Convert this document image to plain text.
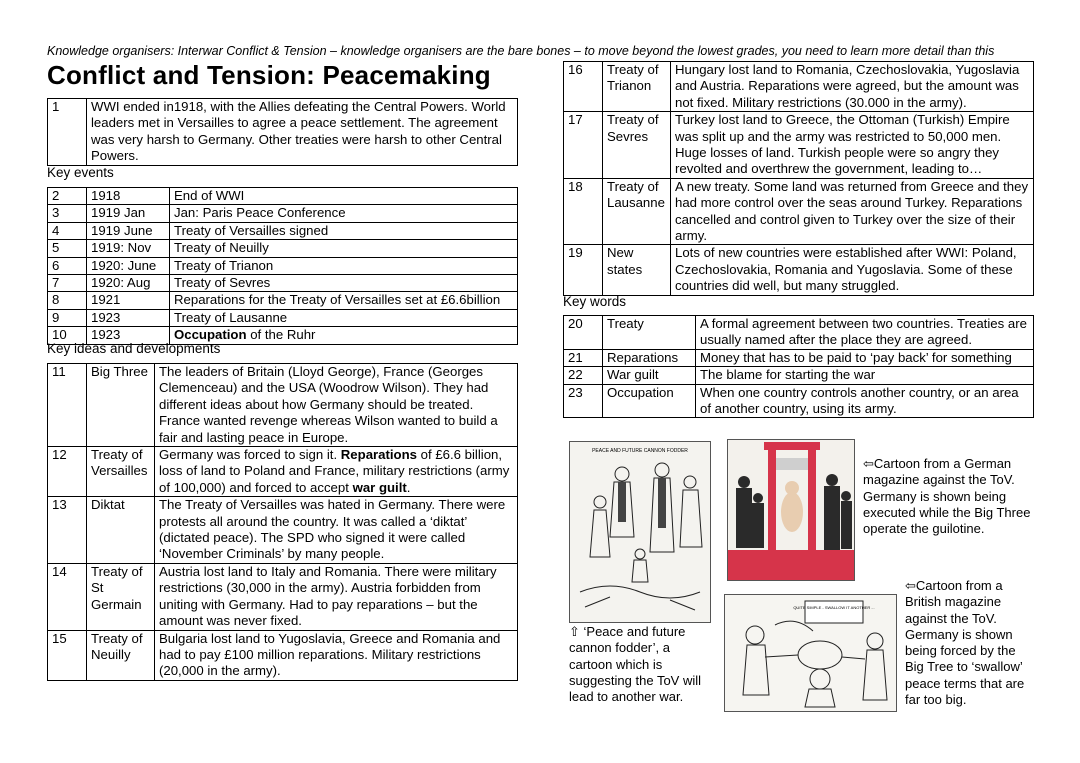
Knowledge organisers: Interwar Conflict & Tension – knowledge organisers are the bare bones – to move beyond the lowest grades, you need to learn more detail than this
Conflict and Tension: Peacemaking
1	WWI ended in1918, with the Allies defeating the Central Powers. World leaders met in Versailles to agree a peace settlement. The agreement was very harsh to Germany. Other treaties were harsh to other Central Powers.
Key events
2	1918	End of WWI
3	1919 Jan	Jan: Paris Peace Conference
4	1919 June	Treaty of Versailles signed
5	1919: Nov	Treaty of Neuilly
6	1920: June	Treaty of Trianon
7	1920: Aug	Treaty of Sevres
8	1921	Reparations for the Treaty of Versailles set at £6.6billion
9	1923	Treaty of Lausanne
10	1923	Occupation of the Ruhr
Key ideas and developments
11	Big Three	The leaders of Britain (Lloyd George), France (Georges Clemenceau) and the USA (Woodrow Wilson). They had different ideas about how Germany should be treated. France wanted revenge whereas Wilson wanted to build a fair and lasting peace in Europe.
12	Treaty of Versailles	Germany was forced to sign it. Reparations of £6.6 billion, loss of land to Poland and France, military restrictions (army of 100,000) and forced to accept war guilt.
13	Diktat	The Treaty of Versailles was hated in Germany. There were protests all around the country. It was called a ‘diktat’ (dictated peace). The SPD who signed it were called ‘November Criminals’ by many people.
14	Treaty of St Germain	Austria lost land to Italy and Romania. There were military restrictions (30,000 in the army). Austria forbidden from uniting with Germany. Had to pay reparations – but the amount was never fixed.
15	Treaty of Neuilly	Bulgaria lost land to Yugoslavia, Greece and Romania and had to pay £100 million reparations. Military restrictions (20,000 in the army).
16	Treaty of Trianon	Hungary lost land to Romania, Czechoslovakia, Yugoslavia and Austria. Reparations were agreed, but the amount was not fixed. Military restrictions (30.000 in the army).
17	Treaty of Sevres	Turkey lost land to Greece, the Ottoman (Turkish) Empire was split up and the army was restricted to 50,000 men. Huge losses of land. Turkish people were so angry they revolted and overthrew the government, leading to…
18	Treaty of Lausanne	A new treaty. Some land was returned from Greece and they had more control over the seas around Turkey. Reparations cancelled and control given to Turkey over the size of their army.
19	New states	Lots of new countries were established after WWI: Poland, Czechoslovakia, Romania and Yugoslavia. Some of these countries did well, but many struggled.
Key words
20	Treaty	A formal agreement between two countries. Treaties are usually named after the place they are agreed.
21	Reparations	Money that has to be paid to ‘pay back’ for something
22	War guilt	The blame for starting the war
23	Occupation	When one country controls another country, or an area of another country, using its army.
PEACE AND FUTURE CANNON FODDER
QUITE SIMPLE - SWALLOW IT ANOTHER ...
⇧ ‘Peace and future cannon fodder’, a cartoon which is suggesting the ToV will lead to another war.
⇦Cartoon from a German magazine against the ToV. Germany is shown being executed while the Big Three operate the guilotine.
⇦Cartoon from a British magazine against the ToV. Germany is shown being forced by the Big Tree to ‘swallow’ peace terms that are far too big.
